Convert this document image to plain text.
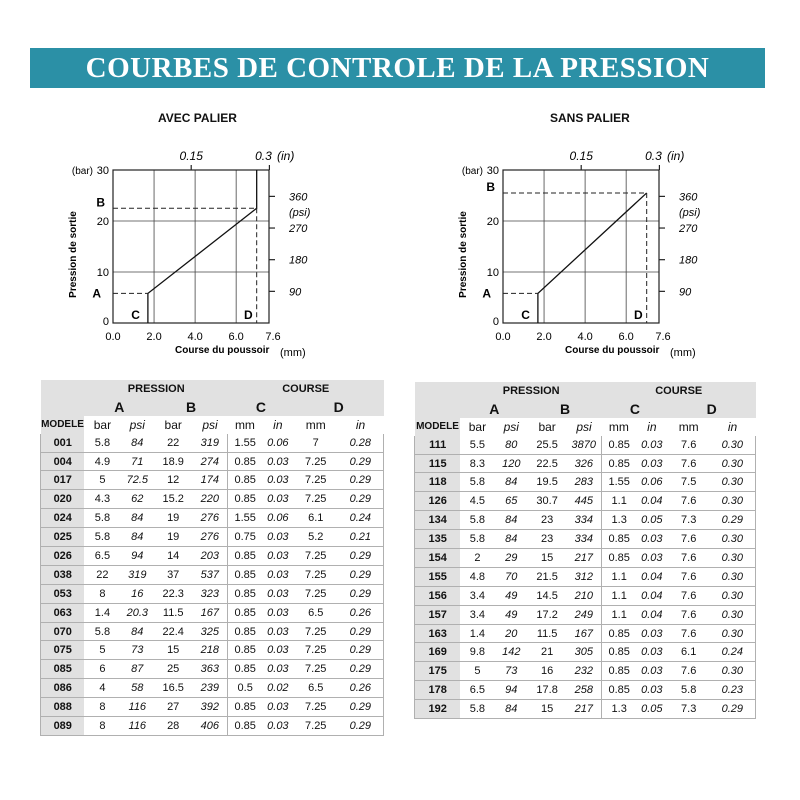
COURBES DE CONTROLE DE LA PRESSION
AVEC PALIER	SANS PALIER
A
B
C	D
0
10
20
30
(bar)
0.0 2.0 4.0 6.0 7.6
Course du poussoir (mm)
Pression de sortie
0.15	0.3 (in)
360
270
180
90
(psi)
A
B
C	D
0
10
20
30
(bar)
0.0 2.0 4.0 6.0 7.6
Course du poussoir (mm)
Pression de sortie
0.15	0.3 (in)
360
270
180
90
(psi)
	PRESSION				COURSE			
	A		B		C		D	
MODELE	bar	psi	bar	psi	mm	in	mm	in
001	5.8	84	22	319	1.55	0.06	7	0.28
004	4.9	71	18.9	274	0.85	0.03	7.25	0.29
017	5	72.5	12	174	0.85	0.03	7.25	0.29
020	4.3	62	15.2	220	0.85	0.03	7.25	0.29
024	5.8	84	19	276	1.55	0.06	6.1	0.24
025	5.8	84	19	276	0.75	0.03	5.2	0.21
026	6.5	94	14	203	0.85	0.03	7.25	0.29
038	22	319	37	537	0.85	0.03	7.25	0.29
053	8	16	22.3	323	0.85	0.03	7.25	0.29
063	1.4	20.3	11.5	167	0.85	0.03	6.5	0.26
070	5.8	84	22.4	325	0.85	0.03	7.25	0.29
075	5	73	15	218	0.85	0.03	7.25	0.29
085	6	87	25	363	0.85	0.03	7.25	0.29
086	4	58	16.5	239	0.5	0.02	6.5	0.26
088	8	116	27	392	0.85	0.03	7.25	0.29
089	8	116	28	406	0.85	0.03	7.25	0.29
	PRESSION				COURSE			
	A		B		C		D	
MODELE	bar	psi	bar	psi	mm	in	mm	in
111	5.5	80	25.5	3870	0.85	0.03	7.6	0.30
115	8.3	120	22.5	326	0.85	0.03	7.6	0.30
118	5.8	84	19.5	283	1.55	0.06	7.5	0.30
126	4.5	65	30.7	445	1.1	0.04	7.6	0.30
134	5.8	84	23	334	1.3	0.05	7.3	0.29
135	5.8	84	23	334	0.85	0.03	7.6	0.30
154	2	29	15	217	0.85	0.03	7.6	0.30
155	4.8	70	21.5	312	1.1	0.04	7.6	0.30
156	3.4	49	14.5	210	1.1	0.04	7.6	0.30
157	3.4	49	17.2	249	1.1	0.04	7.6	0.30
163	1.4	20	11.5	167	0.85	0.03	7.6	0.30
169	9.8	142	21	305	0.85	0.03	6.1	0.24
175	5	73	16	232	0.85	0.03	7.6	0.30
178	6.5	94	17.8	258	0.85	0.03	5.8	0.23
192	5.8	84	15	217	1.3	0.05	7.3	0.29
